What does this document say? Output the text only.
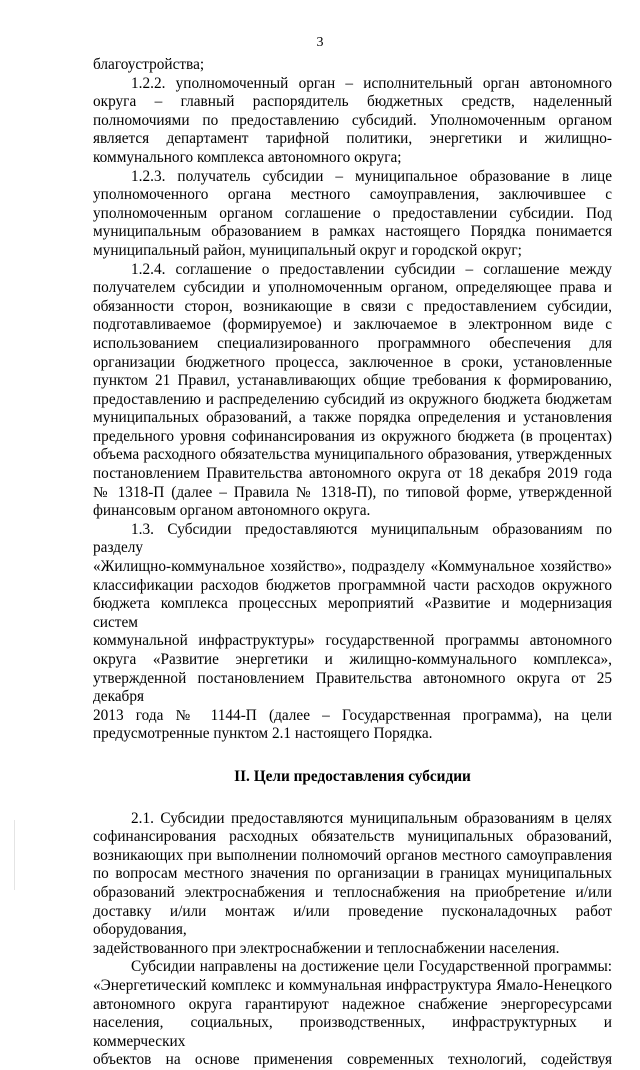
3

благоустройства;

1.2.2. уполномоченный орган – исполнительный орган автономного

округа – главный распорядитель бюджетных средств, наделенный

полномочиями по предоставлению субсидий. Уполномоченным органом

является департамент тарифной политики, энергетики и жилищно-

коммунального комплекса автономного округа;

1.2.3. получатель субсидии – муниципальное образование в лице

уполномоченного органа местного самоуправления, заключившее с

уполномоченным органом соглашение о предоставлении субсидии. Под

муниципальным образованием в рамках настоящего Порядка понимается

муниципальный район, муниципальный округ и городской округ;

1.2.4. соглашение о предоставлении субсидии – соглашение между

получателем субсидии и уполномоченным органом, определяющее права и

обязанности сторон, возникающие в связи с предоставлением субсидии,

подготавливаемое (формируемое) и заключаемое в электронном виде с

использованием специализированного программного обеспечения для

организации бюджетного процесса, заключенное в сроки, установленные

пунктом 21 Правил, устанавливающих общие требования к формированию,

предоставлению и распределению субсидий из окружного бюджета бюджетам

муниципальных образований, а также порядка определения и установления

предельного уровня софинансирования из окружного бюджета (в процентах)

объема расходного обязательства муниципального образования, утвержденных

постановлением Правительства автономного округа от 18 декабря 2019 года

№ 1318-П (далее – Правила № 1318-П), по типовой форме, утвержденной

финансовым органом автономного округа.

1.3. Субсидии предоставляются муниципальным образованиям по разделу

«Жилищно-коммунальное хозяйство», подразделу «Коммунальное хозяйство»

классификации расходов бюджетов программной части расходов окружного

бюджета комплекса процессных мероприятий «Развитие и модернизация систем

коммунальной инфраструктуры» государственной программы автономного

округа «Развитие энергетики и жилищно-коммунального комплекса»,

утвержденной постановлением Правительства автономного округа от 25 декабря

2013 года № 1144-П (далее – Государственная программа), на цели

предусмотренные пунктом 2.1 настоящего Порядка.

II. Цели предоставления субсидии

2.1. Субсидии предоставляются муниципальным образованиям в целях

софинансирования расходных обязательств муниципальных образований,

возникающих при выполнении полномочий органов местного самоуправления

по вопросам местного значения по организации в границах муниципальных

образований электроснабжения и теплоснабжения на приобретение и/или

доставку и/или монтаж и/или проведение пусконаладочных работ оборудования,

задействованного при электроснабжении и теплоснабжении населения.

Субсидии направлены на достижение цели Государственной программы:

«Энергетический комплекс и коммунальная инфраструктура Ямало-Ненецкого

автономного округа гарантируют надежное снабжение энергоресурсами

населения, социальных, производственных, инфраструктурных и коммерческих

объектов на основе применения современных технологий, содействуя
